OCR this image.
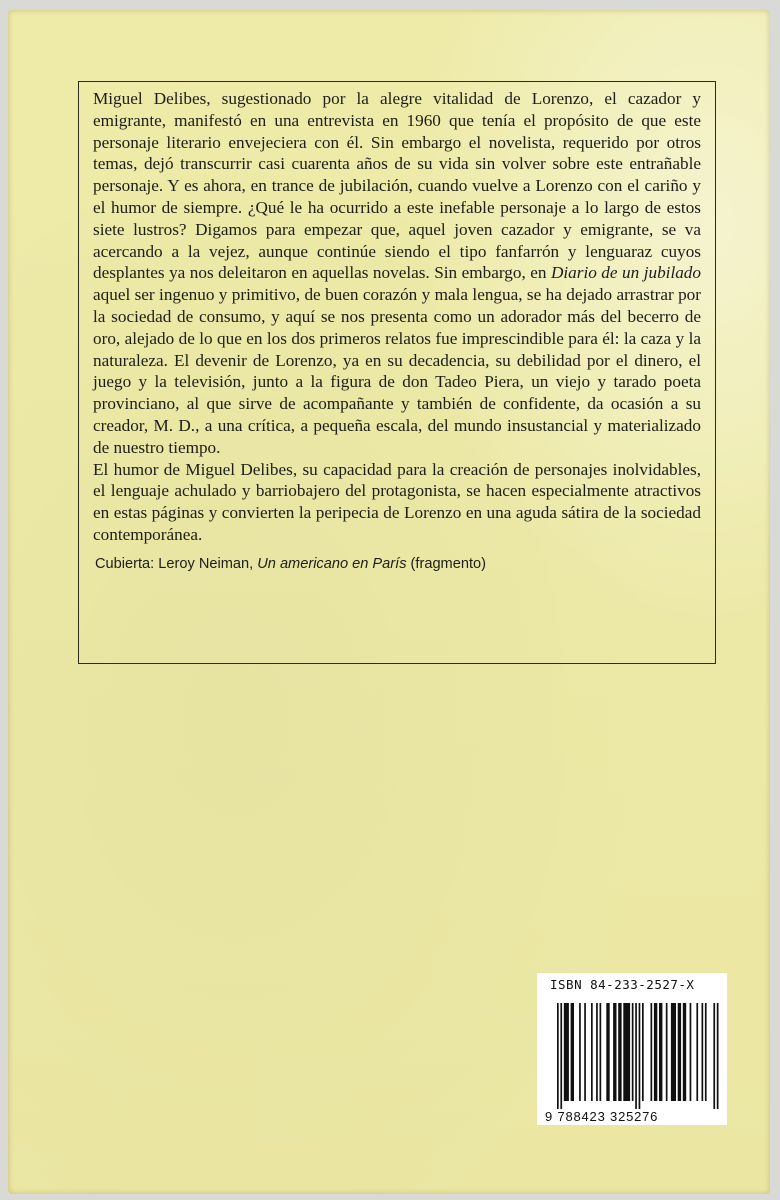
Miguel Delibes, sugestionado por la alegre vitalidad de Lorenzo, el cazador y emigrante, manifestó en una entrevista en 1960 que tenía el propósito de que este personaje literario envejeciera con él. Sin embargo el novelista, requerido por otros temas, dejó transcurrir casi cuarenta años de su vida sin volver sobre este entrañable personaje. Y es ahora, en trance de jubilación, cuando vuelve a Lorenzo con el cariño y el humor de siempre. ¿Qué le ha ocurrido a este inefable personaje a lo largo de estos siete lustros? Digamos para empezar que, aquel joven cazador y emigrante, se va acercando a la vejez, aunque continúe siendo el tipo fanfarrón y lenguaraz cuyos desplantes ya nos deleitaron en aquellas novelas. Sin embargo, en Diario de un jubilado aquel ser ingenuo y primitivo, de buen corazón y mala lengua, se ha dejado arrastrar por la sociedad de consumo, y aquí se nos presenta como un adorador más del becerro de oro, alejado de lo que en los dos primeros relatos fue imprescindible para él: la caza y la naturaleza. El devenir de Lorenzo, ya en su decadencia, su debilidad por el dinero, el juego y la televisión, junto a la figura de don Tadeo Piera, un viejo y tarado poeta provinciano, al que sirve de acompañante y también de confidente, da ocasión a su creador, M. D., a una crítica, a pequeña escala, del mundo insustancial y materializado de nuestro tiempo.

El humor de Miguel Delibes, su capacidad para la creación de personajes inolvidables, el lenguaje achulado y barriobajero del protagonista, se hacen especialmente atractivos en estas páginas y convierten la peripecia de Lorenzo en una aguda sátira de la sociedad contemporánea.

Cubierta: Leroy Neiman, Un americano en París (fragmento)
ISBN 84-233-2527-X
9 788423 325276
